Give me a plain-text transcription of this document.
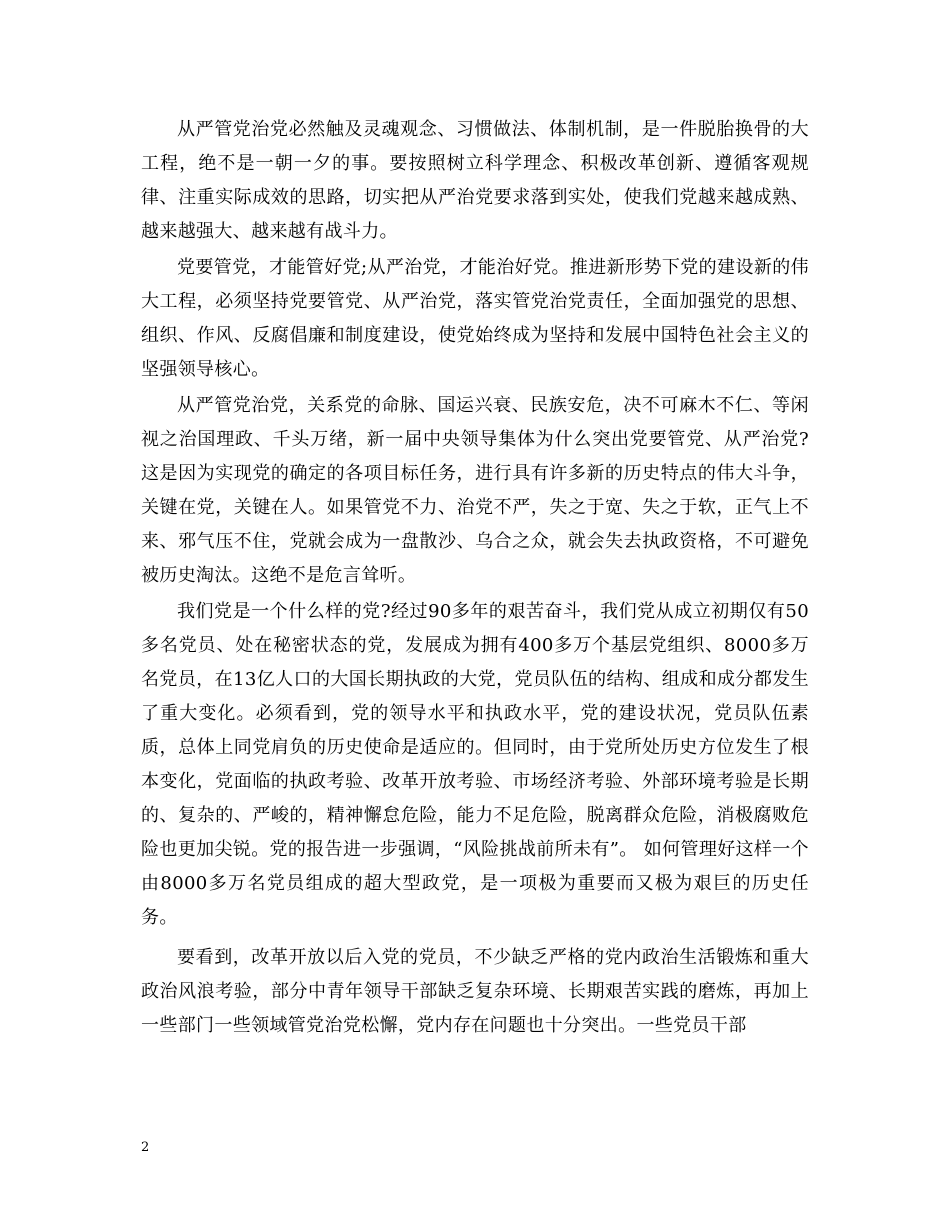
从严管党治党必然触及灵魂观念、习惯做法、体制机制，是一件脱胎换骨的大工程，绝不是一朝一夕的事。要按照树立科学理念、积极改革创新、遵循客观规律、注重实际成效的思路，切实把从严治党要求落到实处，使我们党越来越成熟、越来越强大、越来越有战斗力。

党要管党，才能管好党;从严治党，才能治好党。推进新形势下党的建设新的伟大工程，必须坚持党要管党、从严治党，落实管党治党责任，全面加强党的思想、组织、作风、反腐倡廉和制度建设，使党始终成为坚持和发展中国特色社会主义的坚强领导核心。

从严管党治党，关系党的命脉、国运兴衰、民族安危，决不可麻木不仁、等闲视之治国理政、千头万绪，新一届中央领导集体为什么突出党要管党、从严治党?这是因为实现党的确定的各项目标任务，进行具有许多新的历史特点的伟大斗争，关键在党，关键在人。如果管党不力、治党不严，失之于宽、失之于软，正气上不来、邪气压不住，党就会成为一盘散沙、乌合之众，就会失去执政资格，不可避免被历史淘汰。这绝不是危言耸听。

我们党是一个什么样的党?经过90多年的艰苦奋斗，我们党从成立初期仅有50多名党员、处在秘密状态的党，发展成为拥有400多万个基层党组织、8000多万名党员，在13亿人口的大国长期执政的大党，党员队伍的结构、组成和成分都发生了重大变化。必须看到，党的领导水平和执政水平，党的建设状况，党员队伍素质，总体上同党肩负的历史使命是适应的。但同时，由于党所处历史方位发生了根本变化，党面临的执政考验、改革开放考验、市场经济考验、外部环境考验是长期的、复杂的、严峻的，精神懈怠危险，能力不足危险，脱离群众危险，消极腐败危险也更加尖锐。党的报告进一步强调，“风险挑战前所未有”。 如何管理好这样一个由8000多万名党员组成的超大型政党，是一项极为重要而又极为艰巨的历史任务。

要看到，改革开放以后入党的党员，不少缺乏严格的党内政治生活锻炼和重大政治风浪考验，部分中青年领导干部缺乏复杂环境、长期艰苦实践的磨炼，再加上一些部门一些领域管党治党松懈，党内存在问题也十分突出。一些党员干部

2
